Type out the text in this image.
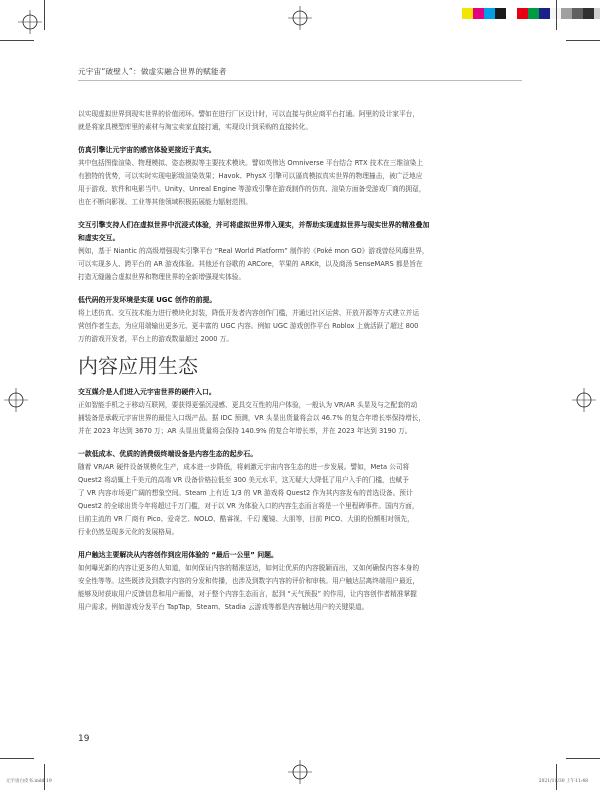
元宇宙“破壁人”：做虚实融合世界的赋能者

以实现虚拟世界到现实世界的价值闭环。譬如在进行厂区设计时，可以直接与供应商平台打通。阿里的设计家平台，

就是将家具模型库里的素材与淘宝卖家直接打通，实现设计到采购的直接转化。

仿真引擎让元宇宙的感官体验更接近于真实。

其中包括图像渲染、物理模拟、姿态模拟等主要技术模块。譬如英伟达 Omniverse 平台结合 RTX 技术在三维渲染上

有独特的优势，可以实时实现电影级渲染效果；Havok、PhysX 引擎可以逼真模拟真实世界的物理撞击，被广泛地应

用于游戏、软件和电影当中。Unity、Unreal Engine 等游戏引擎在游戏制作的仿真、渲染方面备受游戏厂商的拥趸，

也在不断向影视、工业等其他领域积极拓展能力辐射范围。

交互引擎支持人们在虚拟世界中沉浸式体验，并可将虚拟世界带入现实，并帮助实现虚拟世界与现实世界的精准叠加

和虚实交互。

例如，基于 Niantic 的高级增强现实引擎平台 “Real World Platform” 制作的《Poké mon GO》游戏曾经风靡世界，

可以实现多人、跨平台的 AR 游戏体验。其他还有谷歌的 ARCore，苹果的 ARKit，以及商汤 SenseMARS 都是旨在

打造无缝融合虚拟世界和物理世界的全新增强现实体验。

低代码的开发环境是实现 UGC 创作的前提。

将上述仿真、交互技术能力进行模块化封装，降低开发者内容创作门槛，并通过社区运营、开放开源等方式建立并运

营创作者生态，为应用端输出更多元、更丰富的 UGC 内容。例如 UGC 游戏创作平台 Roblox 上就活跃了超过 800

万的游戏开发者，平台上的游戏数量超过 2000 万。

内容应用生态

交互媒介是人们进入元宇宙世界的硬件入口。

正如智能手机之于移动互联网，要获得更强沉浸感、更具交互性的用户体验，一般认为 VR/AR 头显及与之配套的动

捕装备是承载元宇宙世界的最佳入口级产品。据 IDC 预测，VR 头显出货量将会以 46.7% 的复合年增长率保持增长，

并在 2023 年达到 3670 万；AR 头显出货量将会保持 140.9% 的复合年增长率，并在 2023 年达到 3190 万。

一款低成本、优质的消费级终端设备是内容生态的起步石。

随着 VR/AR 硬件设备规模化生产，成本进一步降低，将刺激元宇宙内容生态的进一步发展。譬如，Meta 公司将

Quest2 将动辄上千美元的高端 VR 设备价格拉低至 300 美元水平，这无疑大大降低了用户入手的门槛，也赋予

了 VR 内容市场更广阔的想象空间。Steam 上有近 1/3 的 VR 游戏将 Quest2 作为其内容发布的首选设备。预计

Quest2 的全球出货今年将超过千万门槛，对于以 VR 为体验入口的内容生态而言将是一个里程碑事件。国内方面，

目前主流的 VR 厂商有 Pico、爱奇艺、NOLO、酷睿视、千幻 魔镜、大朋等，目前 PICO、大朋的份额相对领先，

行业仍然呈现多元化的发展格局。

用户触达主要解决从内容创作到应用体验的 “最后一公里” 问题。

如何曝光新的内容让更多的人知道，如何保证内容的精准送达，如何让优质的内容脱颖而出，又如何确保内容本身的

安全性等等。这些既涉及到数字内容的分发和传播，也涉及到数字内容的评价和审核。用户触达层离终端用户最近，

能够及时获取用户反馈信息和用户画像，对于整个内容生态而言，起到 “天气预报” 的作用，让内容创作者精准掌握

用户需求。例如游戏分发平台 TapTap，Steam、Stadia 云游戏等都是内容触达用户的关键渠道。

19
元宇宙白皮书.indd 19	2021/11/30 上午11:48
